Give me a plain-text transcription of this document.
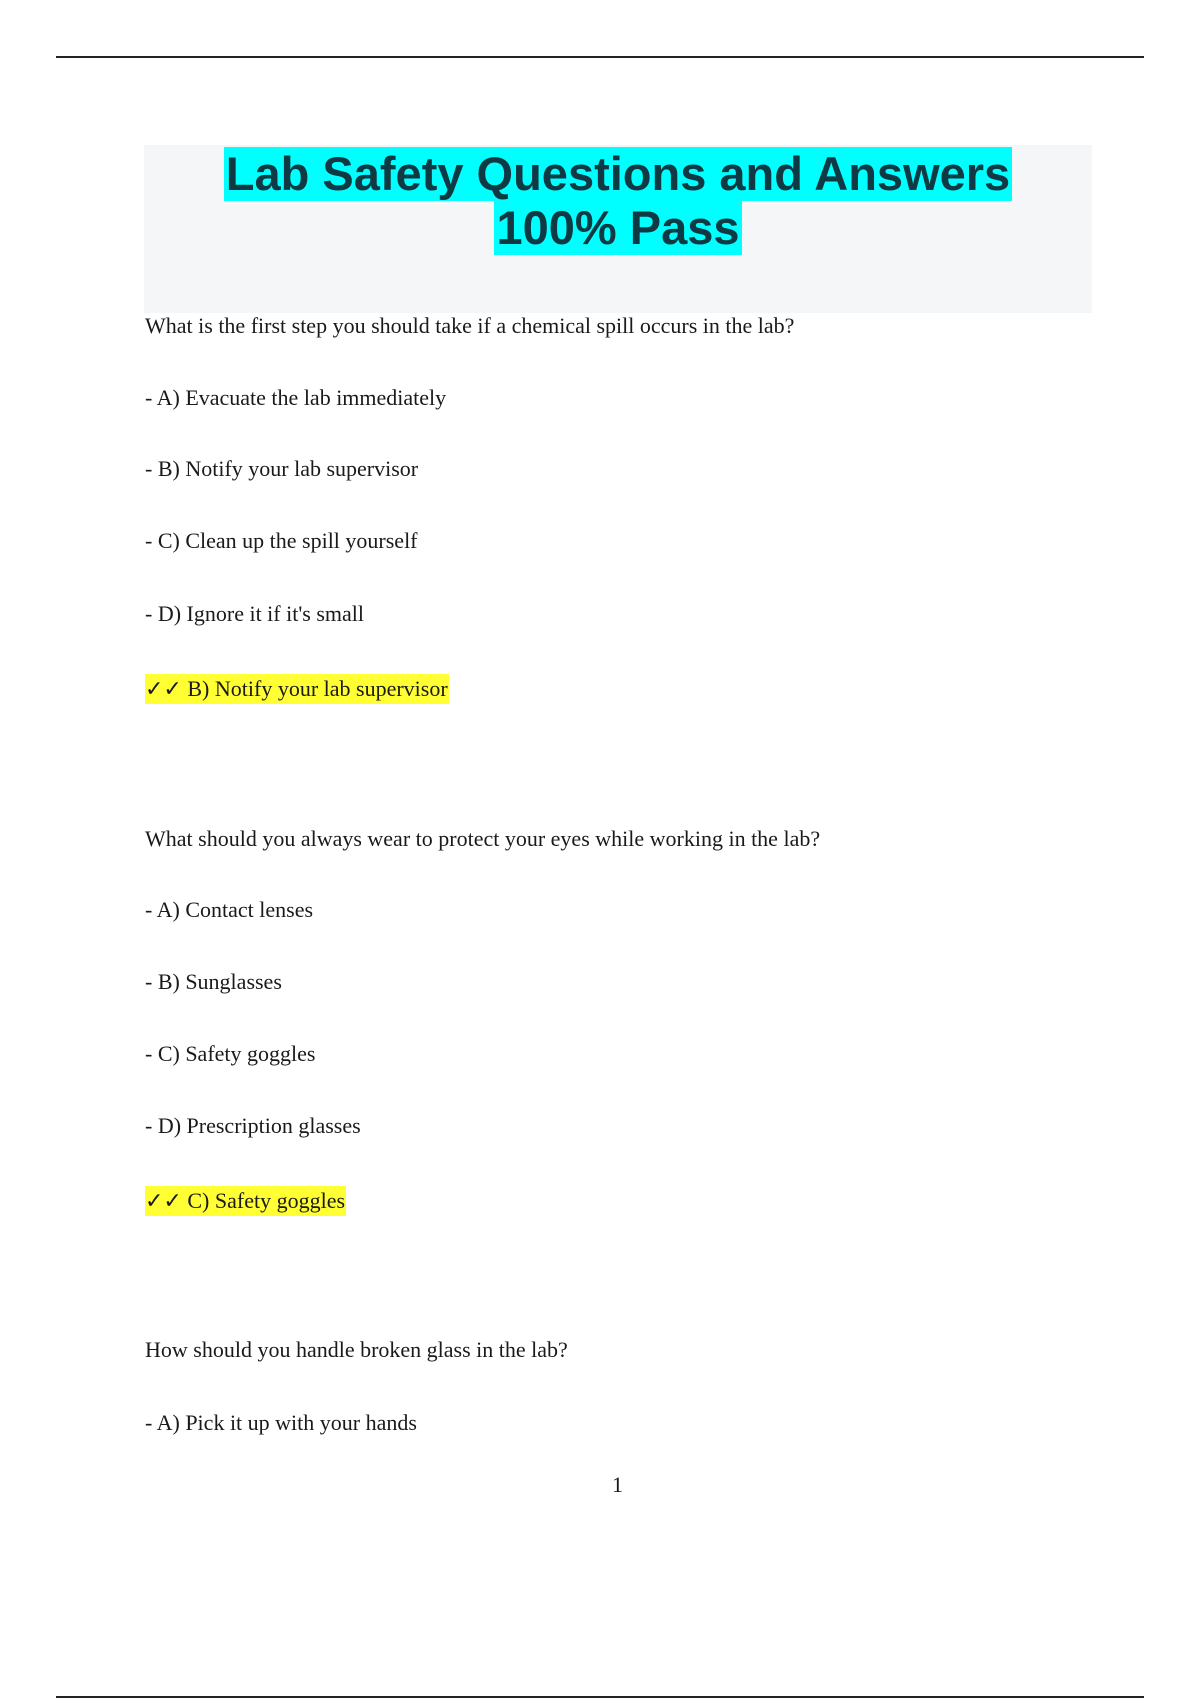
Lab Safety Questions and Answers
100% Pass
What is the first step you should take if a chemical spill occurs in the lab?
- A) Evacuate the lab immediately
- B) Notify your lab supervisor
- C) Clean up the spill yourself
- D) Ignore it if it's small
✓✓ B) Notify your lab supervisor
What should you always wear to protect your eyes while working in the lab?
- A) Contact lenses
- B) Sunglasses
- C) Safety goggles
- D) Prescription glasses
✓✓ C) Safety goggles
How should you handle broken glass in the lab?
- A) Pick it up with your hands
1
